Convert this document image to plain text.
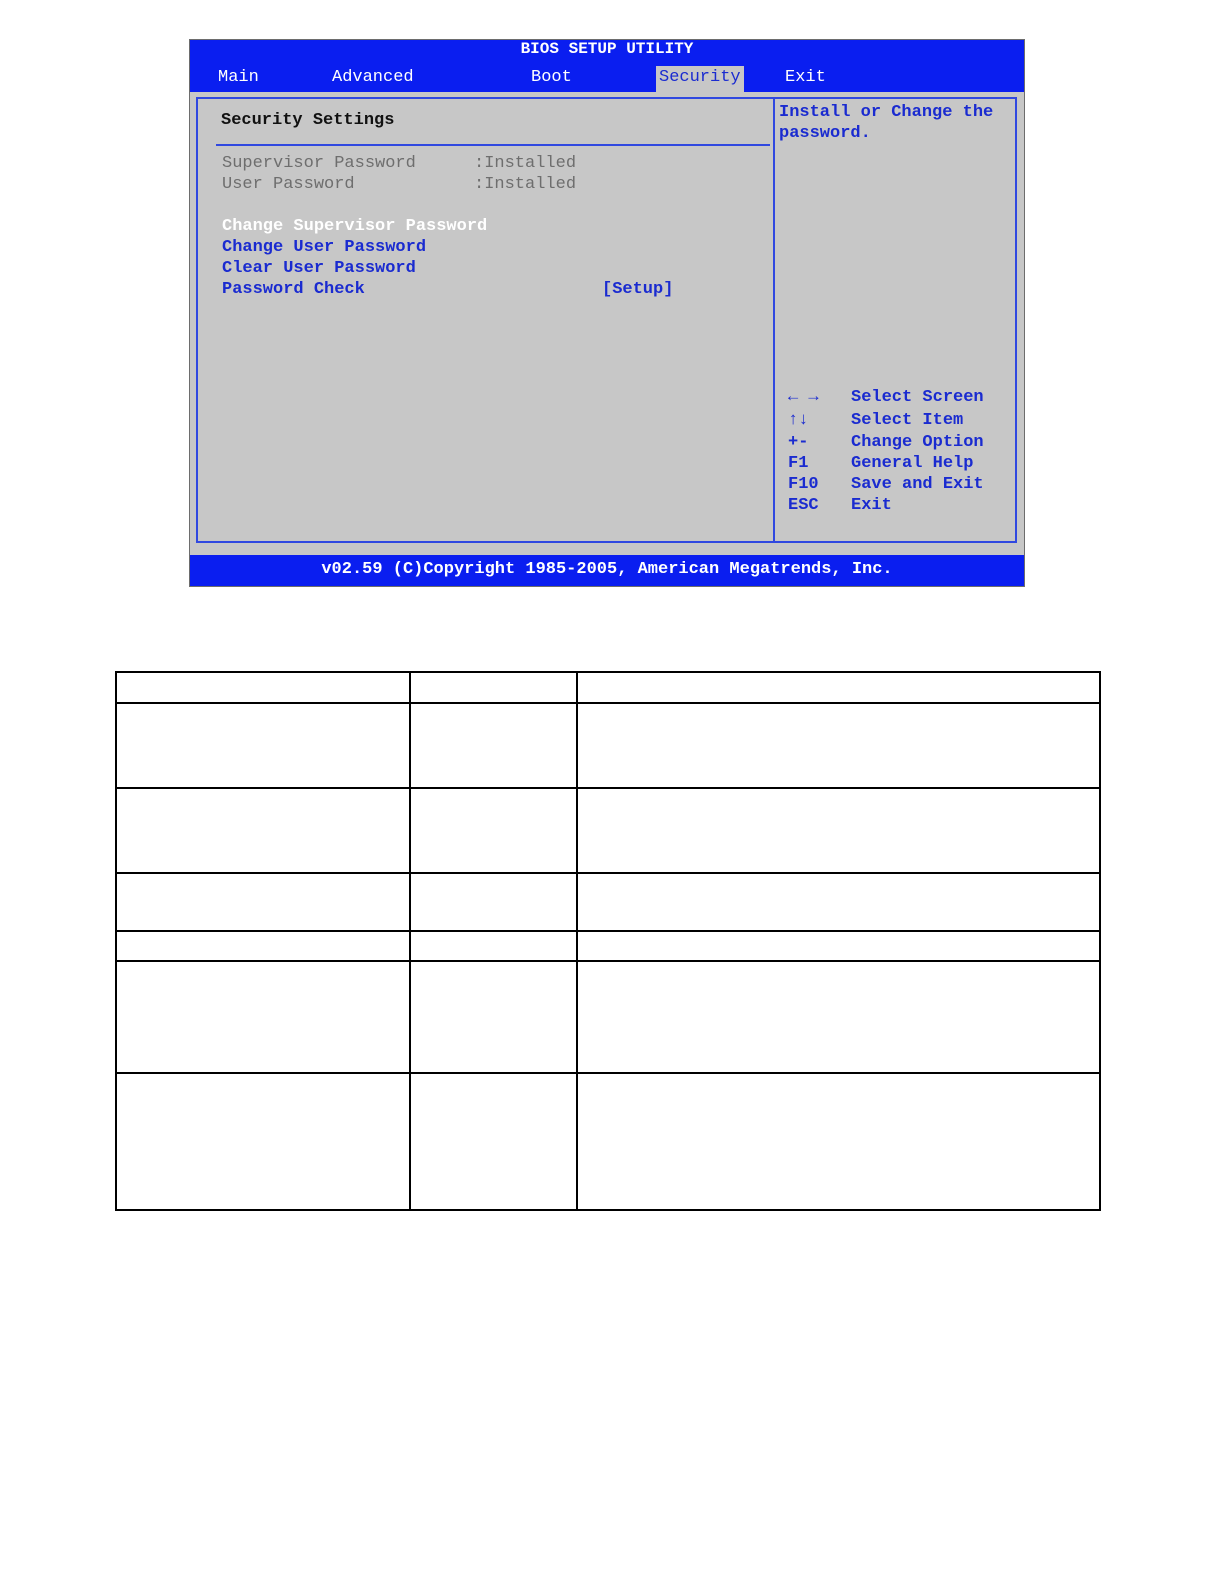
BIOS SETUP UTILITY
Main	Advanced	Boot	Security	Exit
Security Settings
Supervisor Password	:Installed
User Password	:Installed
Change Supervisor Password
Change User Password
Clear User Password
Password Check	[Setup]
Install or Change the password.
← → Select Screen
↑↓	Select Item
+-	Change Option
F1	General Help
F10 Save and Exit
ESC Exit
v02.59 (C)Copyright 1985-2005, American Megatrends, Inc.
